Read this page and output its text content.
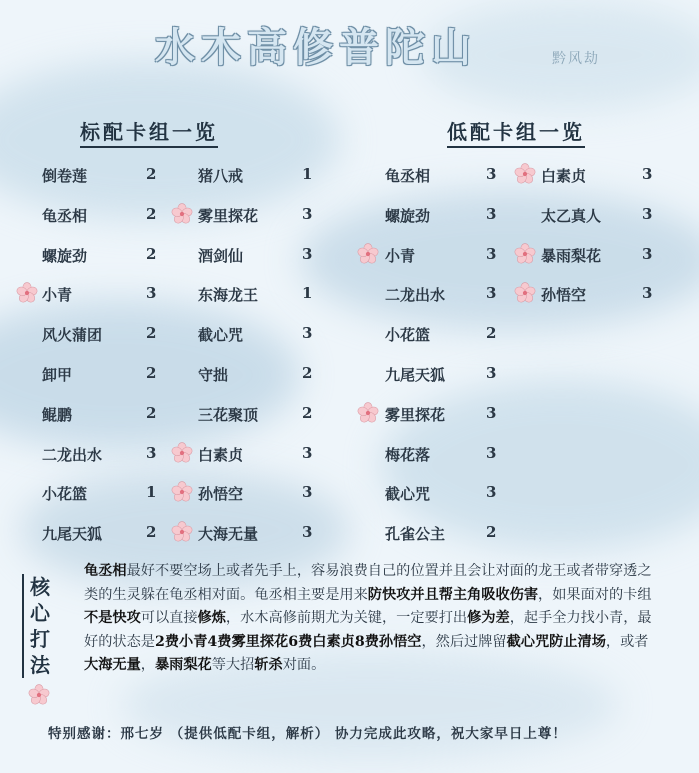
水木高修普陀山	黔风劫
标配卡组一览	低配卡组一览
倒卷莲	2
龟丞相	2
螺旋劲	2
小青	3
风火蒲团	2
卸甲	2
鲲鹏	2
二龙出水	3
小花篮	1
九尾天狐	2
猪八戒	1
雾里探花	3
酒剑仙	3
东海龙王	1
截心咒	3
守拙	2
三花聚顶	2
白素贞	3
孙悟空	3
大海无量	3
龟丞相	3
螺旋劲	3
小青	3
二龙出水	3
小花篮	2
九尾天狐	3
雾里探花	3
梅花落	3
截心咒	3
孔雀公主	2
白素贞	3
太乙真人	3
暴雨梨花	3
孙悟空	3
核心打法
龟丞相最好不要空场上或者先手上，容易浪费自己的位置并且会让对面的龙王或者带穿透之类的生灵躲在龟丞相对面。龟丞相主要是用来防快攻并且帮主角吸收伤害，如果面对的卡组不是快攻可以直接修炼，水木高修前期尤为关键，一定要打出修为差，起手全力找小青，最好的状态是2费小青4费雾里探花6费白素贞8费孙悟空，然后过牌留截心咒防止清场，或者大海无量，暴雨梨花等大招斩杀对面。
特别感谢：邢七岁 （提供低配卡组，解析） 协力完成此攻略，祝大家早日上尊！
